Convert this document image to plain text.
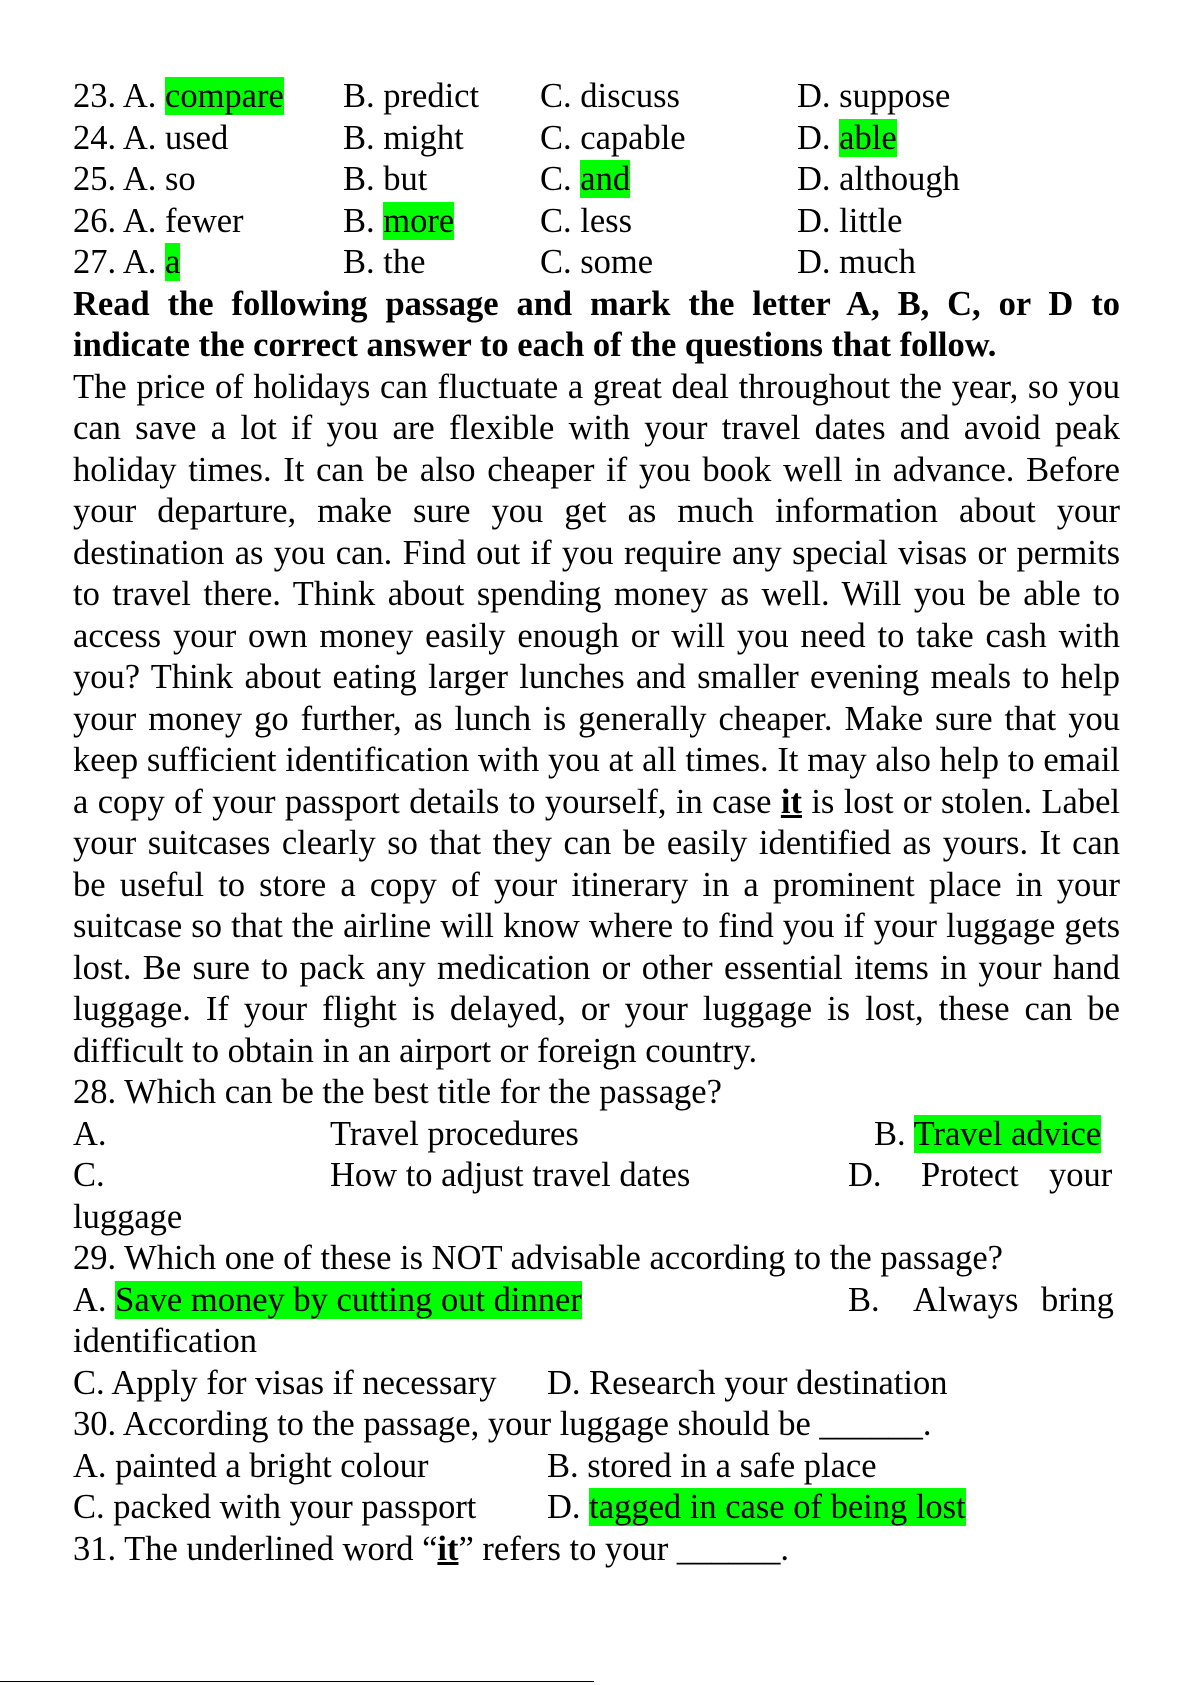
23. A. compare B. predict C. discuss	D. suppose
24. A. used	B. might C. capable	D. able
25. A. so	B. but	C. and	D. although
26. A. fewer	B. more C. less	D. little
27. A. a	B. the	C. some	D. much
Read the following passage and mark the letter A, B, C, or D to indicate the correct answer to each of the questions that follow.
The price of holidays can fluctuate a great deal throughout the year, so you can save a lot if you are flexible with your travel dates and avoid peak holiday times. It can be also cheaper if you book well in advance. Before your departure, make sure you get as much information about your destination as you can. Find out if you require any special visas or permits to travel there. Think about spending money as well. Will you be able to access your own money easily enough or will you need to take cash with you? Think about eating larger lunches and smaller evening meals to help your money go further, as lunch is generally cheaper. Make sure that you keep sufficient identification with you at all times. It may also help to email a copy of your passport details to yourself, in case it is lost or stolen. Label your suitcases clearly so that they can be easily identified as yours. It can be useful to store a copy of your itinerary in a prominent place in your suitcase so that the airline will know where to find you if your luggage gets lost. Be sure to pack any medication or other essential items in your hand luggage. If your flight is delayed, or your luggage is lost, these can be difficult to obtain in an airport or foreign country.
28. Which can be the best title for the passage?
A.	Travel procedures	B. Travel advice
C.	How to adjust travel dates	D. Protect your
luggage
29. Which one of these is NOT advisable according to the passage?
A. Save money by cutting out dinner	B. Always bring
identification
C. Apply for visas if necessary D. Research your destination
30. According to the passage, your luggage should be ______.
A. painted a bright colour	B. stored in a safe place
C. packed with your passport D. tagged in case of being lost
31. The underlined word “it” refers to your ______.
